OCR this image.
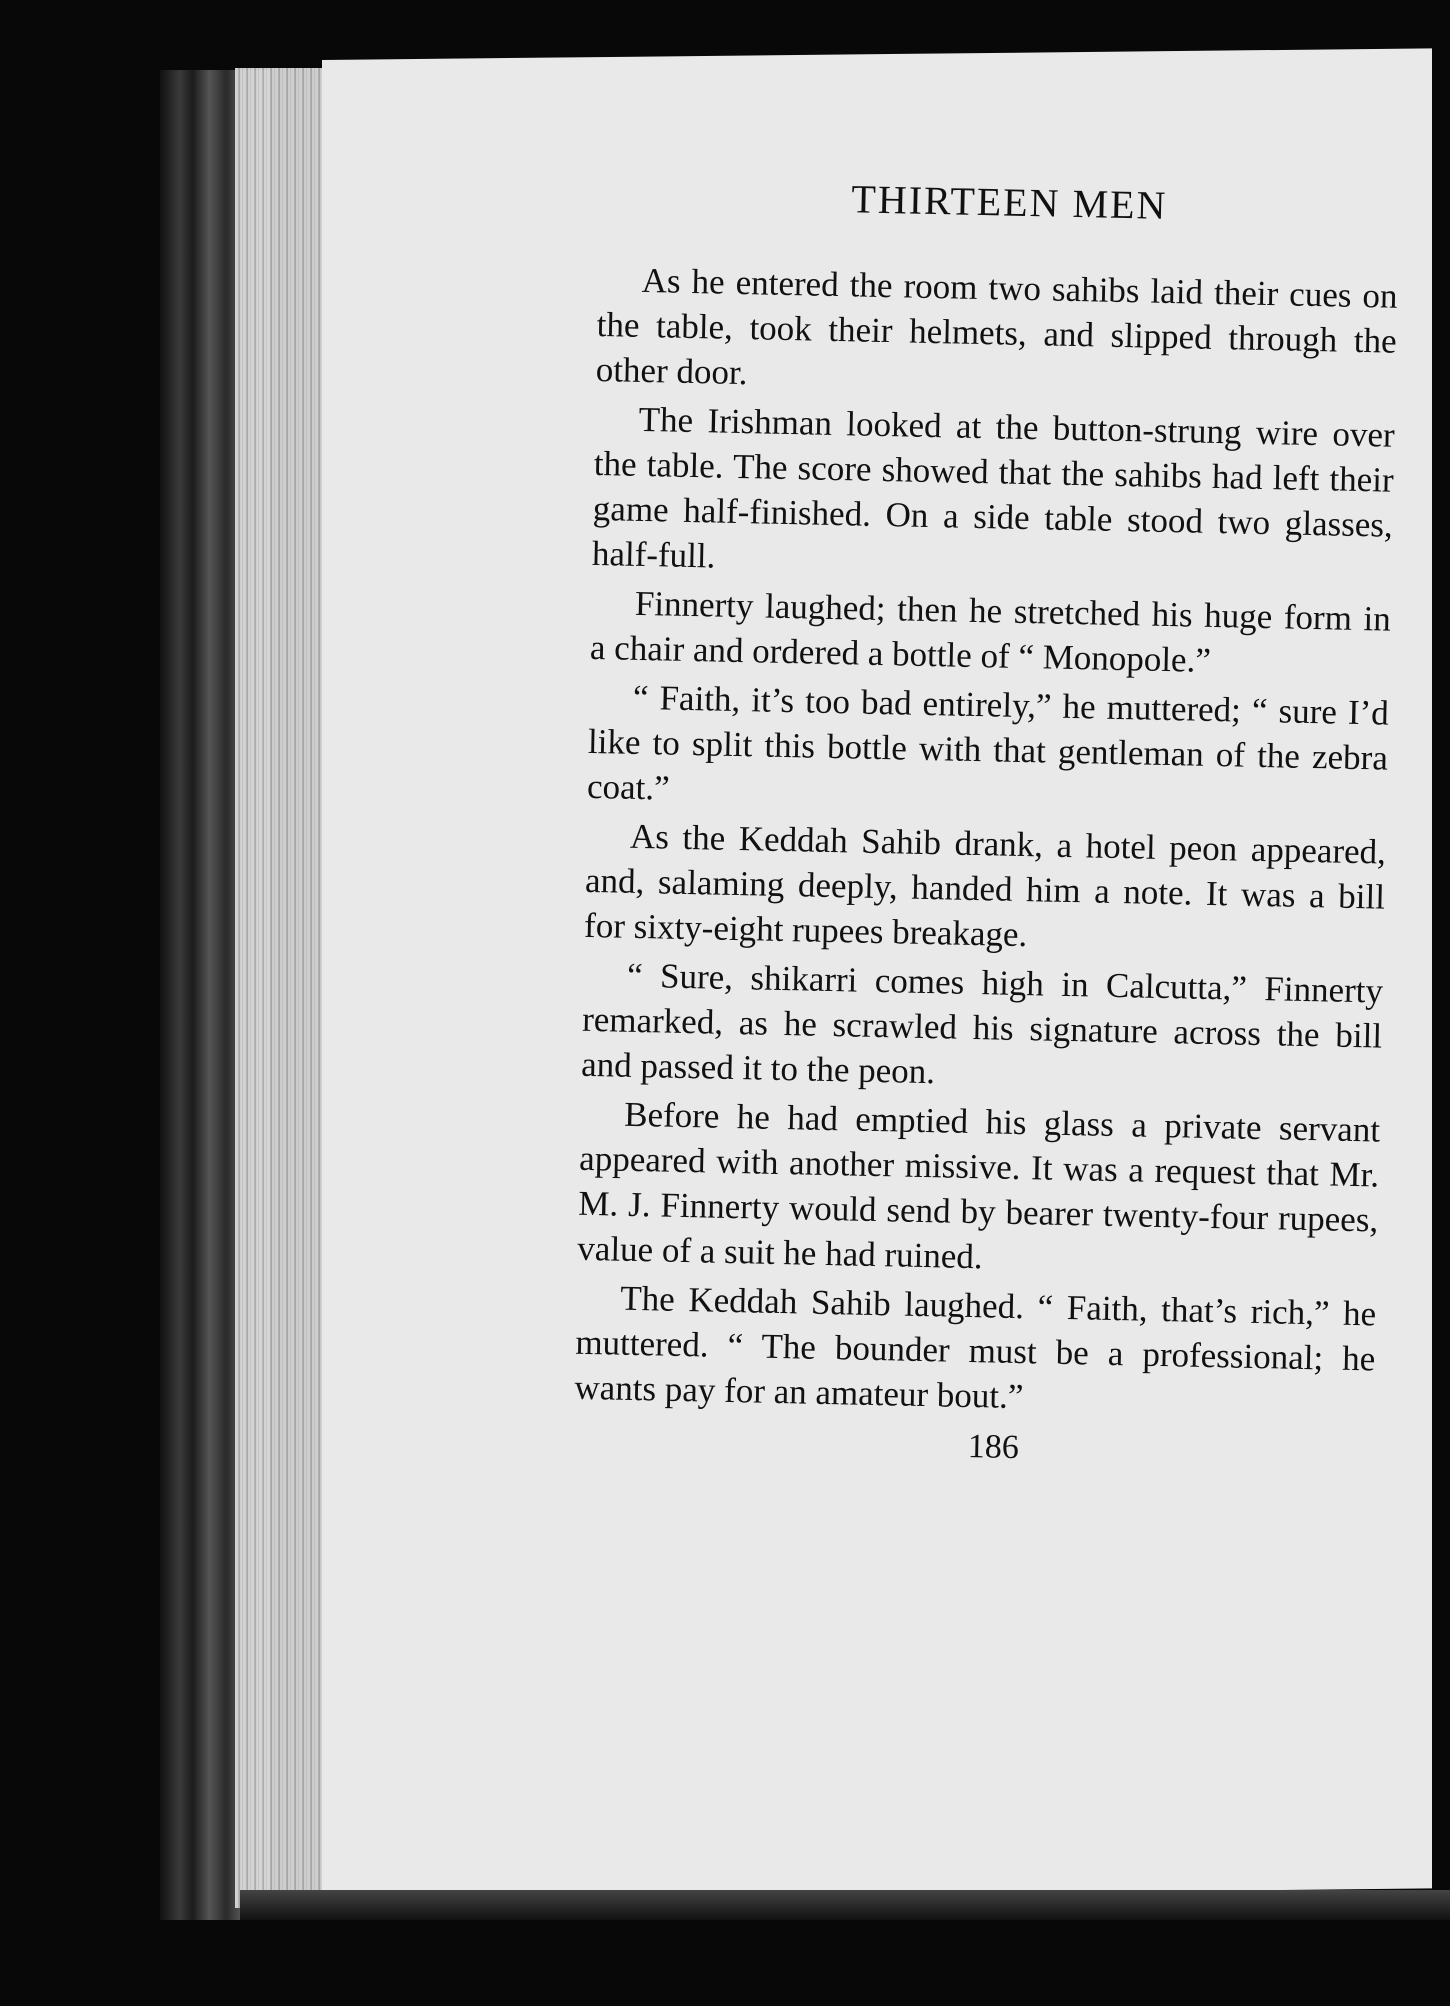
THIRTEEN MEN

As he entered the room two sahibs laid their cues on the table, took their helmets, and slipped through the other door.

The Irishman looked at the button-strung wire over the table. The score showed that the sahibs had left their game half-finished. On a side table stood two glasses, half-full.

Finnerty laughed; then he stretched his huge form in a chair and ordered a bottle of “ Monopole.”

“ Faith, it’s too bad entirely,” he muttered; “ sure I’d like to split this bottle with that gentleman of the zebra coat.”

As the Keddah Sahib drank, a hotel peon appeared, and, salaming deeply, handed him a note. It was a bill for sixty-eight rupees breakage.

“ Sure, shikarri comes high in Calcutta,” Finnerty remarked, as he scrawled his signature across the bill and passed it to the peon.

Before he had emptied his glass a private servant appeared with another missive. It was a request that Mr. M. J. Finnerty would send by bearer twenty-four rupees, value of a suit he had ruined.

The Keddah Sahib laughed. “ Faith, that’s rich,” he muttered. “ The bounder must be a professional; he wants pay for an amateur bout.”

186
